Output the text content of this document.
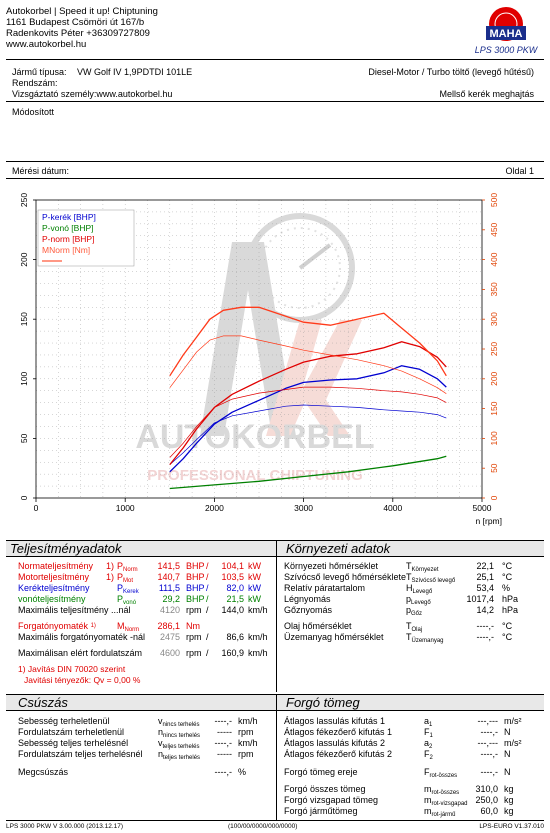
Autokorbel | Speed it up! Chiptuning
1161 Budapest Csömöri út 167/b
Radenkovits Péter +36309727809
www.autokorbel.hu
MAHA
LPS 3000 PKW
Jármű típusa: VW Golf IV 1,9PDTDI 101LE
Rendszám:
Vizsgáztató személy:www.autokorbel.hu
Diesel-Motor / Turbo töltő (levegő hűtésű)
Mellső kerék meghajtás
Módosított
Mérési dátum:	Oldal 1
AUTOKORBEL
PROFESSIONAL CHIPTUNING
0	1000	2000	3000	4000	5000
0
50
100
150
200
250
0
50
100
150
200
250
300
350
400
450
500
n [rpm]
P-kerék [BHP]
P-vonó [BHP]
P-norm [BHP]
MNorm [Nm]
Teljesítményadatok	Környezeti adatok
Normateljesítmény 1) $P_{Norm}$	141,5 BHP /	104,1 kW
Motorteljesítmény 1) $P_{Mot}$	140,7 BHP /	103,5 kW
Kerékteljesítmény	$P_{Kerek}$	111,5 BHP /	82,0 kW
vonóteljesítmény	$P_{vonó}$	29,2 BHP /	21,5 kW
Maximális teljesítmény ...nál	4120 rpm /	144,0 km/h
Forgatónyomaték $^{1)}$ $M_{Norm}$	286,1 Nm
Maximális forgatónyomaték -nál	2475 rpm /	86,6 km/h
Maximálisan elért fordulatszám	4600 rpm /	160,9 km/h
1) Javítás DIN 70020 szerint
Javitási tényezők: Qv = 0,00 %
Környezeti hőmérséklet	$T_{Környezet}$	22,1 °C
Szívócső levegő hőmérséklete $T_{Szívócső levegő}$	25,1 °C
Relatív páratartalom	$H_{Levegő}$	53,4 %
Légnyomás	$p_{Levegő}$	1017,4 hPa
Gőznyomás	$p_{Gőz}$	14,2 hPa
Olaj hőmérséklet	$T_{Olaj}$	----,- °C
Üzemanyag hőmérséklet $T_{Üzemanyag}$	----,- °C
Csúszás	Forgó tömeg
Sebesség terheletlenül	$v_{nincs terhelés}$	----,- km/h
Fordulatszám terheletlenül	$n_{nincs terhelés}$	----- rpm
Sebesség teljes terhelésnél	$v_{teljes terhelés}$	----,- km/h
Fordulatszám teljes terhelésnél $n_{teljes terhelés}$	----- rpm
Megcsúszás	----,- %
Átlagos lassulás kifutás 1	$a_1$	---,--- m/s²
Átlagos fékezőerő kifutás 1	$F_1$	----,- N
Átlagos lassulás kifutás 2	$a_2$	---,--- m/s²
Átlagos fékezőerő kifutás 2	$F_2$	----,- N
Forgó tömeg ereje	$F_{rot-összes}$	----,- N
Forgó összes tömeg	$m_{rot-összes}$	310,0 kg
Forgó vizsgapad tömeg	$m_{rot-vizsgapad}$ 250,0 kg
Forgó járműtömeg	$m_{rot-jármű}$	60,0 kg
LPS 3000 PKW V 3.00.000 (2013.12.17)	(100/00/0000/000/0000)	LPS-EURO V1.37.010
